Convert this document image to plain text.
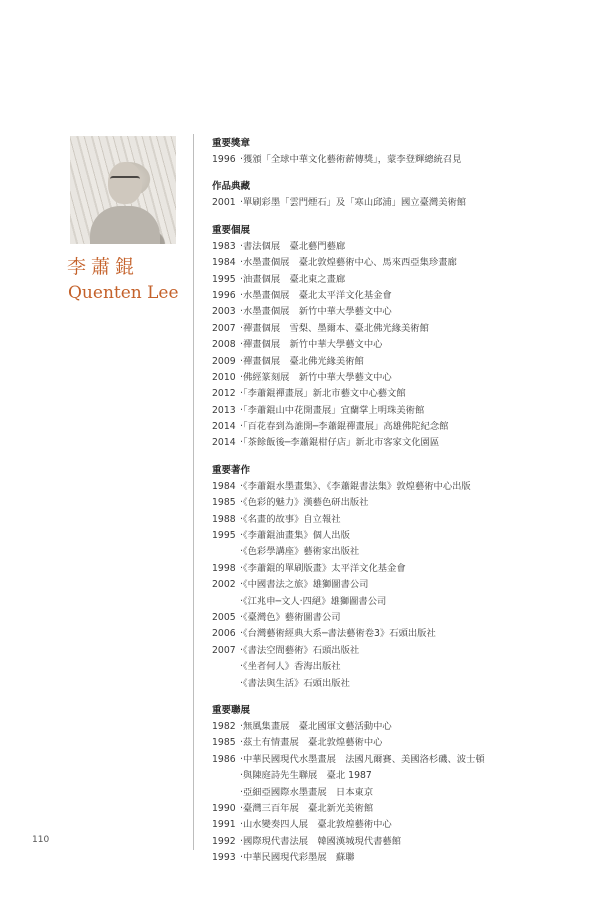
李蕭錕

Quenten Lee

重要獎章

1996 ‧獲頒「全球中華文化藝術薪傳獎」，蒙李登輝總統召見

作品典藏

2001 ‧單刷彩墨「雲門煙石」及「寒山邱浦」國立臺灣美術館

重要個展

1983 ‧書法個展　臺北藝門藝廊
1984 ‧水墨畫個展　臺北敦煌藝術中心、馬來西亞集珍畫廊
1995 ‧油畫個展　臺北東之畫廊
1996 ‧水墨畫個展　臺北太平洋文化基金會
2003 ‧水墨畫個展　新竹中華大學藝文中心
2007 ‧禪畫個展　雪梨、墨爾本、臺北佛光緣美術館
2008 ‧禪畫個展　新竹中華大學藝文中心
2009 ‧禪畫個展　臺北佛光緣美術館
2010 ‧佛經篆刻展　新竹中華大學藝文中心
2012 ‧「李蕭錕禪畫展」新北市藝文中心藝文館
2013 ‧「李蕭錕山中花開畫展」宜蘭掌上明珠美術館
2014 ‧「百花春到為誰開─李蕭錕禪畫展」高雄佛陀紀念館
2014 ‧「茶餘飯後─李蕭錕柑仔店」新北市客家文化園區

重要著作

1984 ‧《李蕭錕水墨畫集》、《李蕭錕書法集》敦煌藝術中心出版
1985 ‧《色彩的魅力》漢藝色研出版社
1988 ‧《名畫的故事》自立報社
1995 ‧《李蕭錕油畫集》個人出版
‧《色彩學講座》藝術家出版社
1998 ‧《李蕭錕的單刷版畫》太平洋文化基金會
2002 ‧《中國書法之旅》雄獅圖書公司
‧《江兆申─文人‧四絕》雄獅圖書公司
2005 ‧《臺灣色》藝術圖書公司
2006 ‧《台灣藝術經典大系─書法藝術卷3》石頭出版社
2007 ‧《書法空間藝術》石頭出版社
‧《坐者何人》香海出版社
‧《書法與生活》石頭出版社

重要聯展

1982 ‧無風集畫展　臺北國軍文藝活動中心
1985 ‧茲土有情畫展　臺北敦煌藝術中心
1986 ‧中華民國現代水墨畫展　法國凡爾賽、美國洛杉磯、波士頓
‧與陳庭詩先生聯展　臺北 1987
‧亞細亞國際水墨畫展　日本東京
1990 ‧臺灣三百年展　臺北新光美術館
1991 ‧山水變奏四人展　臺北敦煌藝術中心
1992 ‧國際現代書法展　韓國漢城現代書藝館
1993 ‧中華民國現代彩墨展　蘇聯

110
